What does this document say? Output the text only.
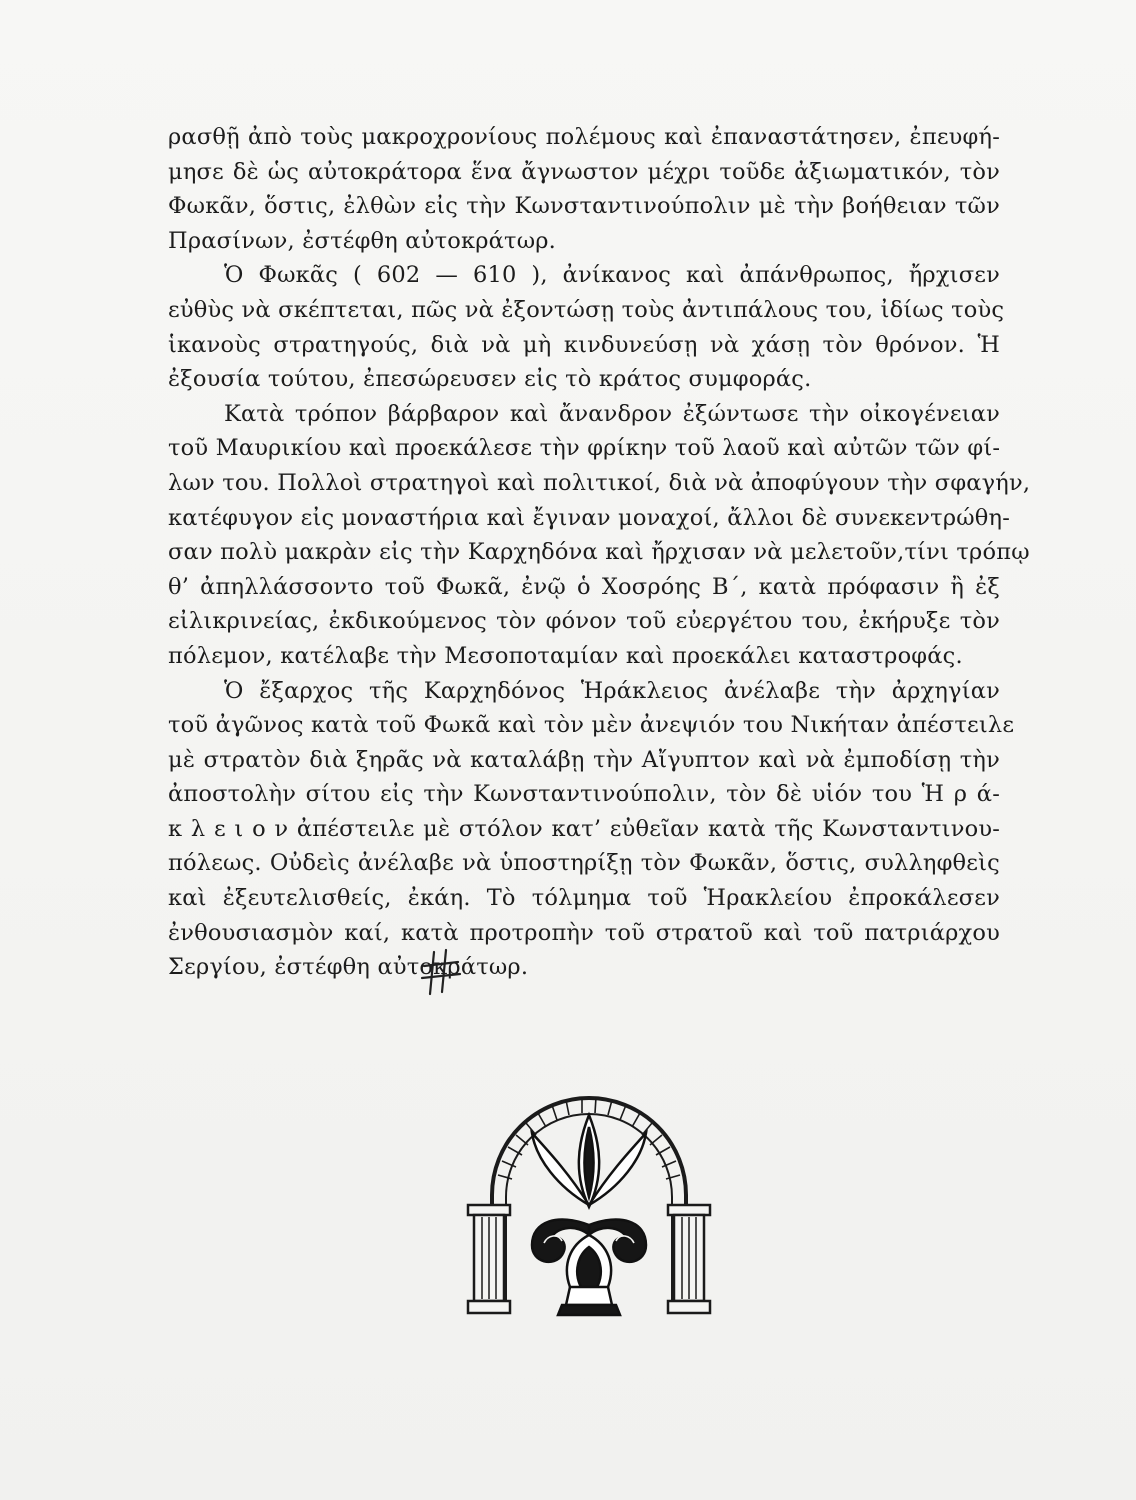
ρασθῇ ἀπὸ τοὺς μακροχρονίους πολέμους καὶ ἐπαναστάτησεν, ἐπευφή-
μησε δὲ ὡς αὐτοκράτορα ἕνα ἄγνωστον μέχρι τοῦδε ἀξιωματικόν, τὸν
Φωκᾶν, ὅστις, ἐλθὼν εἰς τὴν Κωνσταντινούπολιν μὲ τὴν βοήθειαν τῶν
Πρασίνων, ἐστέφθη αὐτοκράτωρ.
Ὁ Φωκᾶς ( 602 — 610 ), ἀνίκανος καὶ ἀπάνθρωπος, ἤρχισεν
εὐθὺς νὰ σκέπτεται, πῶς νὰ ἐξοντώσῃ τοὺς ἀντιπάλους του, ἰδίως τοὺς
ἱκανοὺς στρατηγούς, διὰ νὰ μὴ κινδυνεύσῃ νὰ χάσῃ τὸν θρόνον. Ἡ
ἐξουσία τούτου, ἐπεσώρευσεν εἰς τὸ κράτος συμφοράς.
Κατὰ τρόπον βάρβαρον καὶ ἄνανδρον ἐξώντωσε τὴν οἰκογένειαν
τοῦ Μαυρικίου καὶ προεκάλεσε τὴν φρίκην τοῦ λαοῦ καὶ αὐτῶν τῶν φί-
λων του. Πολλοὶ στρατηγοὶ καὶ πολιτικοί, διὰ νὰ ἀποφύγουν τὴν σφαγήν,
κατέφυγον εἰς μοναστήρια καὶ ἔγιναν μοναχοί, ἄλλοι δὲ συνεκεντρώθη-
σαν πολὺ μακρὰν εἰς τὴν Καρχηδόνα καὶ ἤρχισαν νὰ μελετοῦν,τίνι τρόπῳ
θ’ ἀπηλλάσσοντο τοῦ Φωκᾶ, ἐνῷ ὁ Χοσρόης Β΄, κατὰ πρόφασιν ἢ ἐξ
εἰλικρινείας, ἐκδικούμενος τὸν φόνον τοῦ εὐεργέτου του, ἐκήρυξε τὸν
πόλεμον, κατέλαβε τὴν Μεσοποταμίαν καὶ προεκάλει καταστροφάς.
Ὁ ἔξαρχος τῆς Καρχηδόνος Ἡράκλειος ἀνέλαβε τὴν ἀρχηγίαν
τοῦ ἀγῶνος κατὰ τοῦ Φωκᾶ καὶ τὸν μὲν ἀνεψιόν του Νικήταν ἀπέστειλε
μὲ στρατὸν διὰ ξηρᾶς νὰ καταλάβῃ τὴν Αἴγυπτον καὶ νὰ ἐμποδίσῃ τὴν
ἀποστολὴν σίτου εἰς τὴν Κωνσταντινούπολιν, τὸν δὲ υἱόν του Ἡ ρ ά-
κ λ ε ι ο ν ἀπέστειλε μὲ στόλον κατ’ εὐθεῖαν κατὰ τῆς Κωνσταντινου-
πόλεως. Οὐδεὶς ἀνέλαβε νὰ ὑποστηρίξῃ τὸν Φωκᾶν, ὅστις, συλληφθεὶς
καὶ ἐξευτελισθείς, ἐκάη. Τὸ τόλμημα τοῦ Ἡρακλείου ἐπροκάλεσεν
ἐνθουσιασμὸν καί, κατὰ προτροπὴν τοῦ στρατοῦ καὶ τοῦ πατριάρχου
Σεργίου, ἐστέφθη αὐτοκράτωρ.
